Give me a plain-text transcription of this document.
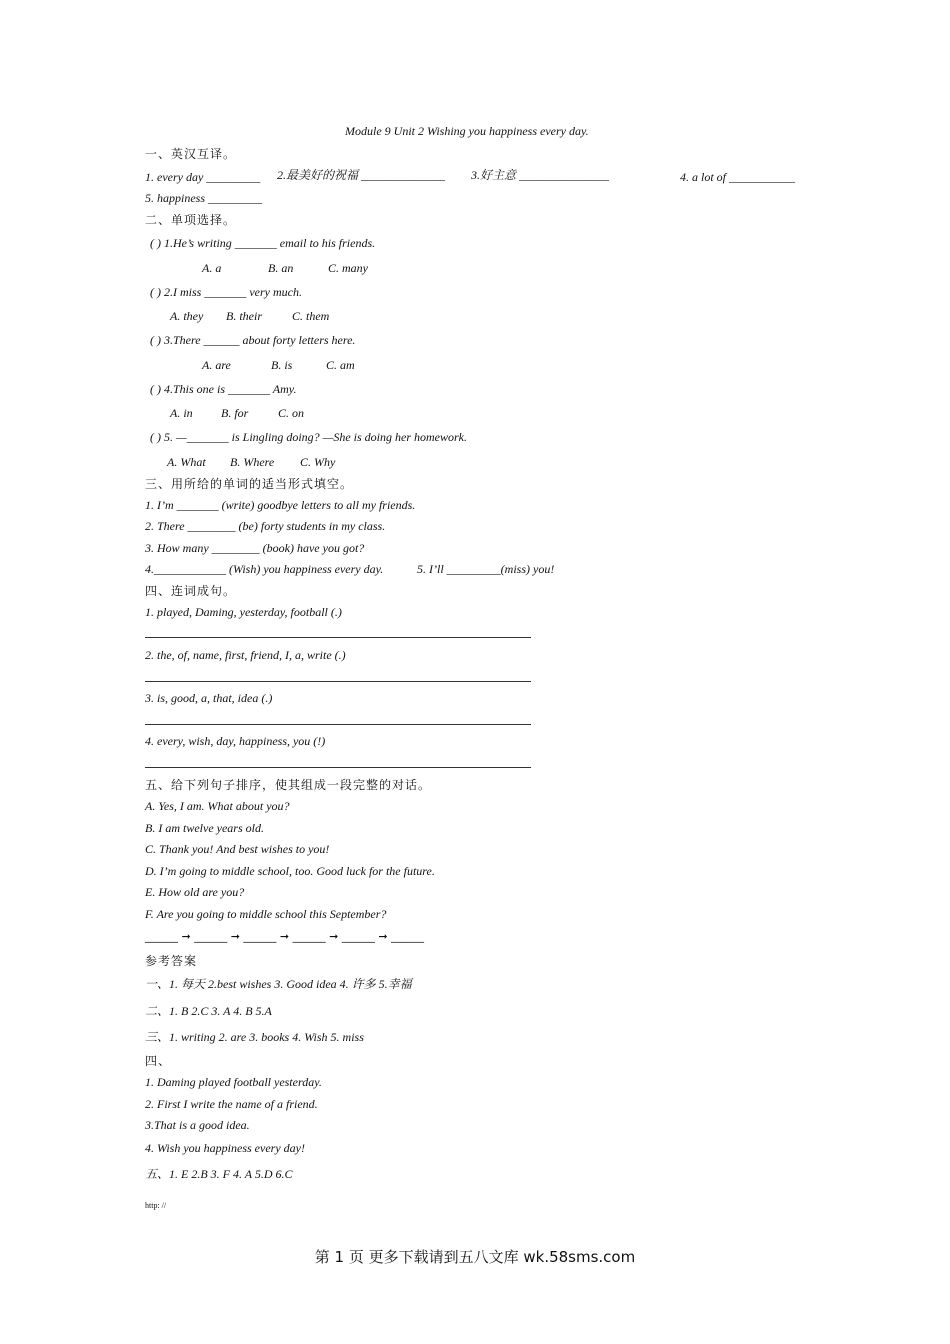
Module 9 Unit 2 Wishing you happiness every day.
一、英汉互译。
1. every day _________ 2.最美好的祝福 ______________ 3.好主意 _______________	4. a lot of ___________
5. happiness _________
二、单项选择。
( ) 1.He’s writing _______ email to his friends.
A. a	B. an	C. many
( ) 2.I miss _______ very much.
A. they B. their	C. them
( ) 3.There ______ about forty letters here.
A. are	B. is	C. am
( ) 4.This one is _______ Amy.
A. in B. for C. on
( ) 5. —_______ is Lingling doing? —She is doing her homework.
A. What B. Where C. Why
三、用所给的单词的适当形式填空。
1. I’m _______ (write) goodbye letters to all my friends.
2. There ________ (be) forty students in my class.
3. How many ________ (book) have you got?
4.____________ (Wish) you happiness every day.	5. I’ll _________(miss) you!
四、连词成句。
1. played, Daming, yesterday, football (.)
2. the, of, name, first, friend, I, a, write (.)
3. is, good, a, that, idea (.)
4. every, wish, day, happiness, you (!)
五、给下列句子排序，使其组成一段完整的对话。
A. Yes, I am. What about you?
B. I am twelve years old.
C. Thank you! And best wishes to you!
D. I’m going to middle school, too. Good luck for the future.
E. How old are you?
F. Are you going to middle school this September?
______ ➞ ______ ➞ ______ ➞ ______ ➞ ______ ➞ ______
参考答案
一、1. 每天 2.best wishes 3. Good idea 4. 许多 5.幸福
二、1. B 2.C 3. A 4. B 5.A
三、1. writing 2. are 3. books 4. Wish 5. miss
四、
1. Daming played football yesterday.
2. First I write the name of a friend.
3.That is a good idea.
4. Wish you happiness every day!
五、1. E 2.B 3. F 4. A 5.D 6.C
http: //
第 1 页 更多下载请到五八文库 wk.58sms.com
